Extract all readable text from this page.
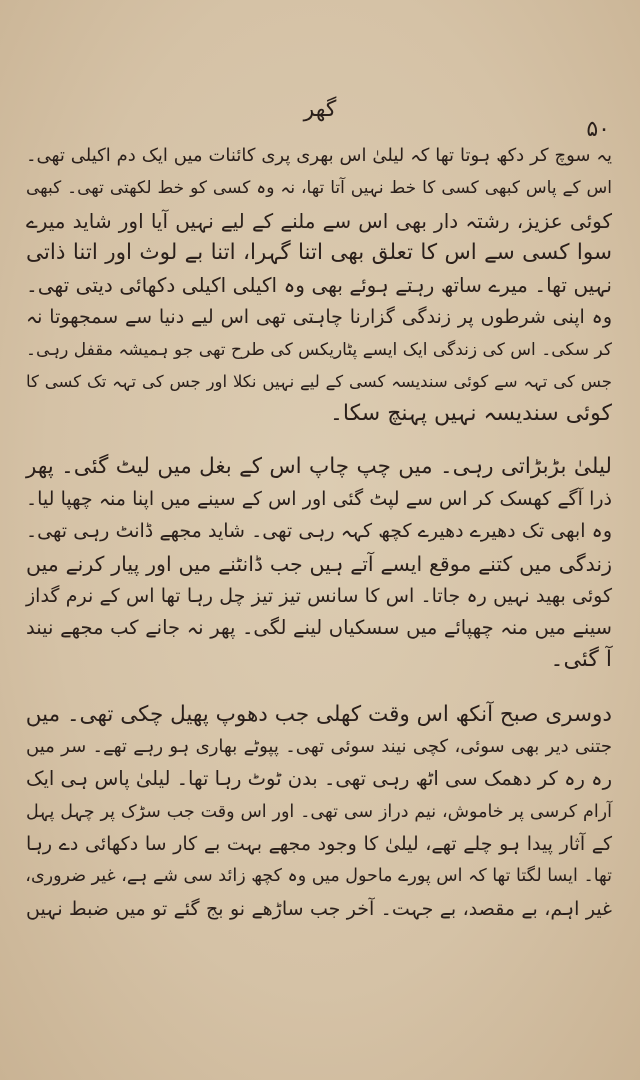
گھر
۵۰
یہ سوچ کر دکھ ہوتا تھا کہ لیلیٰ اس بھری پری کائنات میں ایک دم اکیلی تھی۔
اس کے پاس کبھی کسی کا خط نہیں آتا تھا، نہ وہ کسی کو خط لکھتی تھی۔ کبھی
کوئی عزیز، رشتہ دار بھی اس سے ملنے کے لیے نہیں آیا اور شاید میرے
سوا کسی سے اس کا تعلق بھی اتنا گہرا، اتنا بے لوث اور اتنا ذاتی
نہیں تھا۔ میرے ساتھ رہتے ہوئے بھی وہ اکیلی اکیلی دکھائی دیتی تھی۔
وہ اپنی شرطوں پر زندگی گزارنا چاہتی تھی اس لیے دنیا سے سمجھوتا نہ
کر سکی۔ اس کی زندگی ایک ایسے پٹاریکس کی طرح تھی جو ہمیشہ مقفل رہی۔
جس کی تہہ سے کوئی سندیسہ کسی کے لیے نہیں نکلا اور جس کی تہہ تک کسی کا
کوئی سندیسہ نہیں پہنچ سکا۔
لیلیٰ بڑبڑاتی رہی۔ میں چپ چاپ اس کے بغل میں لیٹ گئی۔ پھر
ذرا آگے کھسک کر اس سے لپٹ گئی اور اس کے سینے میں اپنا منہ چھپا لیا۔
وہ ابھی تک دھیرے دھیرے کچھ کہہ رہی تھی۔ شاید مجھے ڈانٹ رہی تھی۔
زندگی میں کتنے موقع ایسے آتے ہیں جب ڈانٹنے میں اور پیار کرنے میں
کوئی بھید نہیں رہ جاتا۔ اس کا سانس تیز تیز چل رہا تھا اس کے نرم گداز
سینے میں منہ چھپائے میں سسکیاں لینے لگی۔ پھر نہ جانے کب مجھے نیند
آ گئی۔
دوسری صبح آنکھ اس وقت کھلی جب دھوپ پھیل چکی تھی۔ میں
جتنی دیر بھی سوئی، کچی نیند سوئی تھی۔ پپوٹے بھاری ہو رہے تھے۔ سر میں
رہ رہ کر دھمک سی اٹھ رہی تھی۔ بدن ٹوٹ رہا تھا۔ لیلیٰ پاس ہی ایک
آرام کرسی پر خاموش، نیم دراز سی تھی۔ اور اس وقت جب سڑک پر چہل پہل
کے آثار پیدا ہو چلے تھے، لیلیٰ کا وجود مجھے بہت بے کار سا دکھائی دے رہا
تھا۔ ایسا لگتا تھا کہ اس پورے ماحول میں وہ کچھ زائد سی شے ہے، غیر ضروری،
غیر اہم، بے مقصد، بے جہت۔ آخر جب ساڑھے نو بج گئے تو میں ضبط نہیں
